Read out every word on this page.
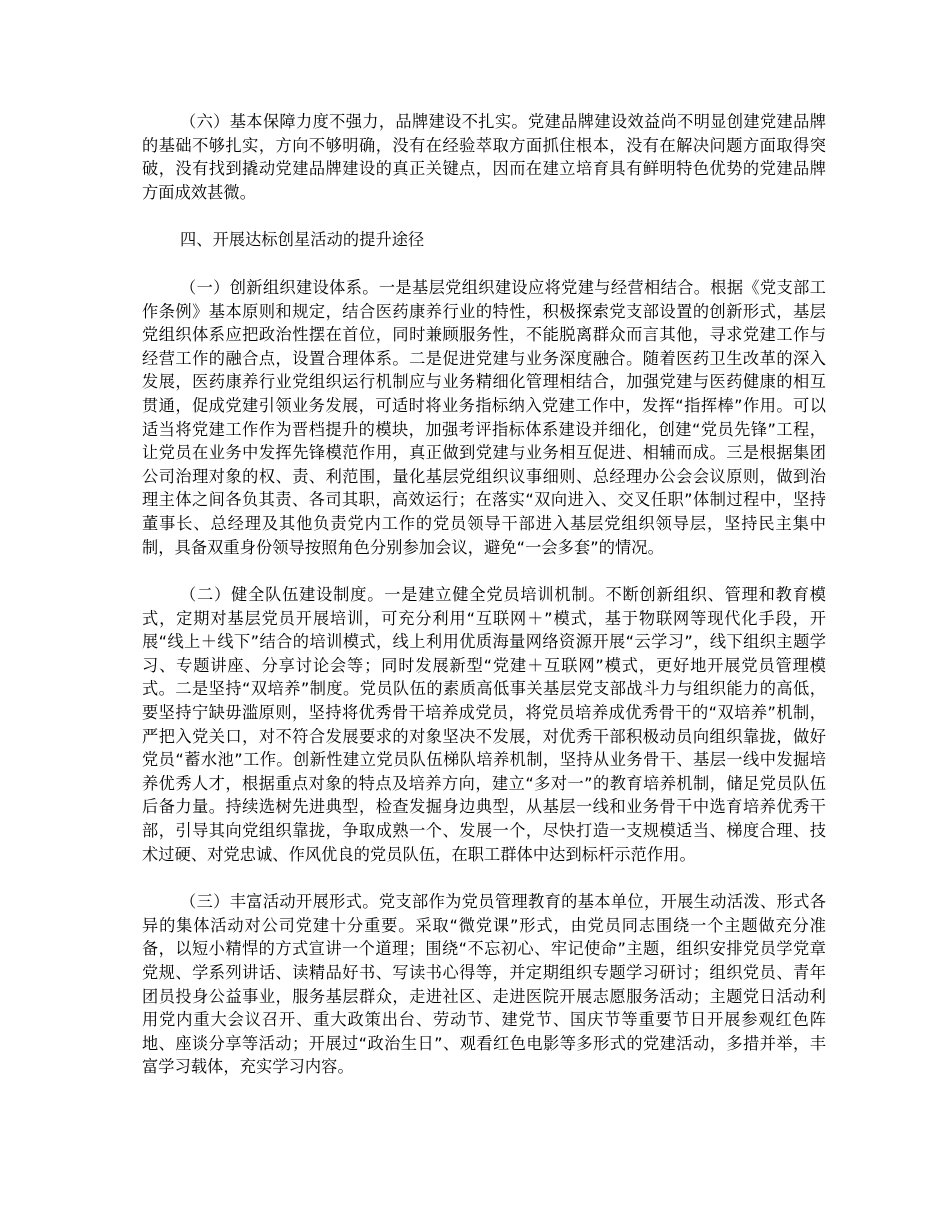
（六）基本保障力度不强力，品牌建设不扎实。党建品牌建设效益尚不明显创建党建品牌的基础不够扎实，方向不够明确，没有在经验萃取方面抓住根本，没有在解决问题方面取得突破，没有找到撬动党建品牌建设的真正关键点，因而在建立培育具有鲜明特色优势的党建品牌方面成效甚微。

四、开展达标创星活动的提升途径

（一）创新组织建设体系。一是基层党组织建设应将党建与经营相结合。根据《党支部工作条例》基本原则和规定，结合医药康养行业的特性，积极探索党支部设置的创新形式，基层党组织体系应把政治性摆在首位，同时兼顾服务性，不能脱离群众而言其他，寻求党建工作与经营工作的融合点，设置合理体系。二是促进党建与业务深度融合。随着医药卫生改革的深入发展，医药康养行业党组织运行机制应与业务精细化管理相结合，加强党建与医药健康的相互贯通，促成党建引领业务发展，可适时将业务指标纳入党建工作中，发挥“指挥棒”作用。可以适当将党建工作作为晋档提升的模块，加强考评指标体系建设并细化，创建“党员先锋”工程，让党员在业务中发挥先锋模范作用，真正做到党建与业务相互促进、相辅而成。三是根据集团公司治理对象的权、责、利范围，量化基层党组织议事细则、总经理办公会会议原则，做到治理主体之间各负其责、各司其职，高效运行；在落实“双向进入、交叉任职”体制过程中，坚持董事长、总经理及其他负责党内工作的党员领导干部进入基层党组织领导层，坚持民主集中制，具备双重身份领导按照角色分别参加会议，避免“一会多套”的情况。

（二）健全队伍建设制度。一是建立健全党员培训机制。不断创新组织、管理和教育模式，定期对基层党员开展培训，可充分利用“互联网＋”模式，基于物联网等现代化手段，开展“线上＋线下”结合的培训模式，线上利用优质海量网络资源开展“云学习”，线下组织主题学习、专题讲座、分享讨论会等；同时发展新型“党建＋互联网”模式，更好地开展党员管理模式。二是坚持“双培养”制度。党员队伍的素质高低事关基层党支部战斗力与组织能力的高低，要坚持宁缺毋滥原则，坚持将优秀骨干培养成党员，将党员培养成优秀骨干的“双培养”机制，严把入党关口，对不符合发展要求的对象坚决不发展，对优秀干部积极动员向组织靠拢，做好党员“蓄水池”工作。创新性建立党员队伍梯队培养机制，坚持从业务骨干、基层一线中发掘培养优秀人才，根据重点对象的特点及培养方向，建立“多对一”的教育培养机制，储足党员队伍后备力量。持续选树先进典型，检查发掘身边典型，从基层一线和业务骨干中选育培养优秀干部，引导其向党组织靠拢，争取成熟一个、发展一个，尽快打造一支规模适当、梯度合理、技术过硬、对党忠诚、作风优良的党员队伍，在职工群体中达到标杆示范作用。

（三）丰富活动开展形式。党支部作为党员管理教育的基本单位，开展生动活泼、形式各异的集体活动对公司党建十分重要。采取“微党课”形式，由党员同志围绕一个主题做充分准备，以短小精悍的方式宣讲一个道理；围绕“不忘初心、牢记使命”主题，组织安排党员学党章党规、学系列讲话、读精品好书、写读书心得等，并定期组织专题学习研讨；组织党员、青年团员投身公益事业，服务基层群众，走进社区、走进医院开展志愿服务活动；主题党日活动利用党内重大会议召开、重大政策出台、劳动节、建党节、国庆节等重要节日开展参观红色阵地、座谈分享等活动；开展过“政治生日”、观看红色电影等多形式的党建活动，多措并举，丰富学习载体，充实学习内容。
